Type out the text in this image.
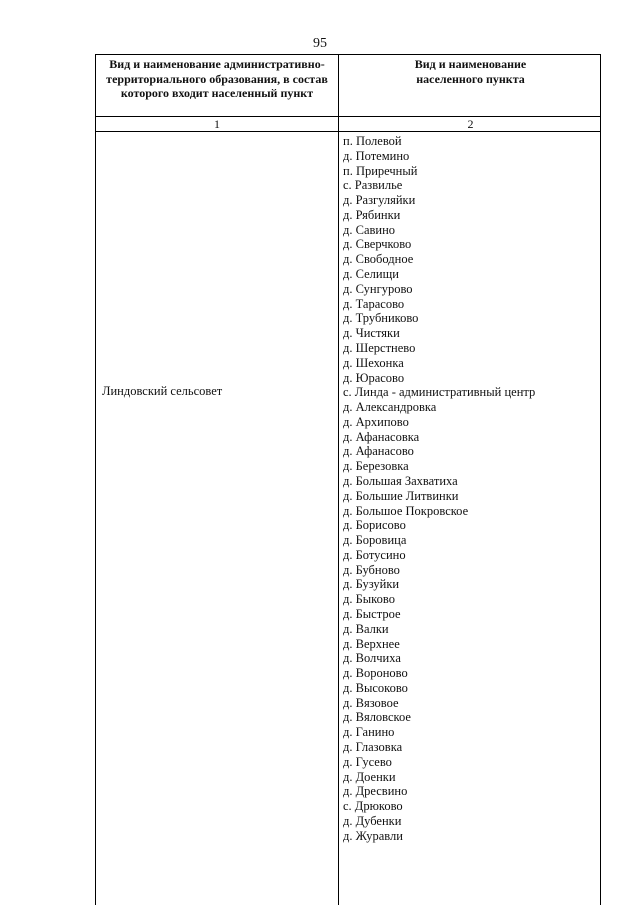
95
Вид и наименование административно-территориального образования, в состав которого входит населенный пункт
Вид и наименование населенного пункта
1	2
Линдовский сельсовет
п. Полевой
д. Потемино
п. Приречный
с. Развилье
д. Разгуляйки
д. Рябинки
д. Савино
д. Сверчково
д. Свободное
д. Селищи
д. Сунгурово
д. Тарасово
д. Трубниково
д. Чистяки
д. Шерстнево
д. Шехонка
д. Юрасово
с. Линда - административный центр
д. Александровка
д. Архипово
д. Афанасовка
д. Афанасово
д. Березовка
д. Большая Захватиха
д. Большие Литвинки
д. Большое Покровское
д. Борисово
д. Боровица
д. Ботусино
д. Бубново
д. Бузуйки
д. Быково
д. Быстрое
д. Валки
д. Верхнее
д. Волчиха
д. Вороново
д. Высоково
д. Вязовое
д. Вяловское
д. Ганино
д. Глазовка
д. Гусево
д. Доенки
д. Дресвино
с. Дрюково
д. Дубенки
д. Журавли
